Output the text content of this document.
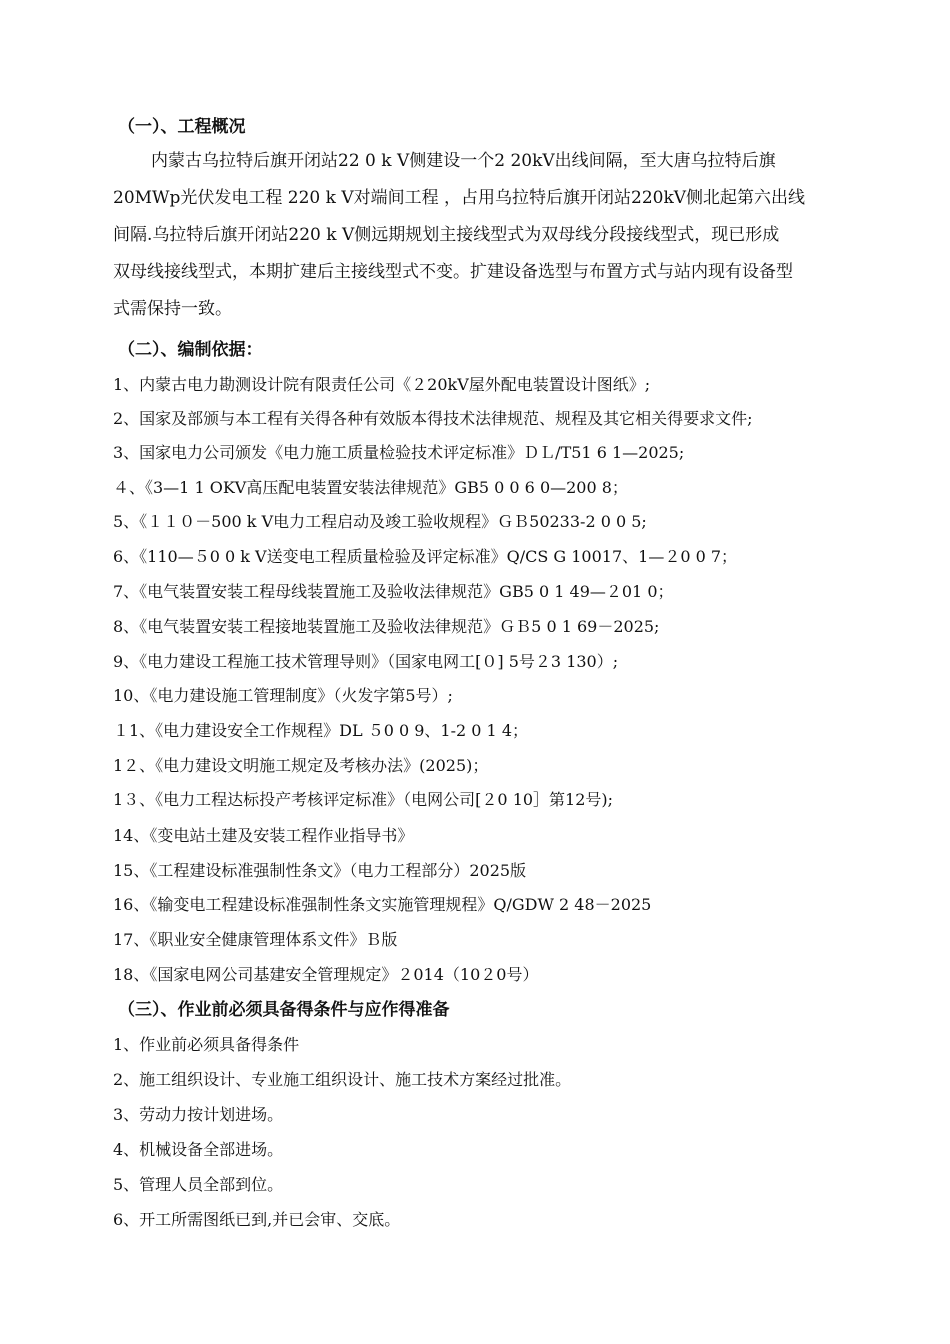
（一）、工程概况
内蒙古乌拉特后旗开闭站22 0 k V侧建设一个2 20kV出线间隔，至大唐乌拉特后旗
20MWp光伏发电工程 220 k V对端间工程 ，占用乌拉特后旗开闭站220kV侧北起第六出线
间隔.乌拉特后旗开闭站220 k V侧远期规划主接线型式为双母线分段接线型式，现已形成
双母线接线型式，本期扩建后主接线型式不变。扩建设备选型与布置方式与站内现有设备型
式需保持一致。
（二）、编制依据：
1、内蒙古电力勘测设计院有限责任公司《２20kV屋外配电装置设计图纸》;
2、国家及部颁与本工程有关得各种有效版本得技术法律规范、规程及其它相关得要求文件;
3、国家电力公司颁发《电力施工质量检验技术评定标准》ＤＬ/T51 6 1—2025;
４、《3—1 1 OKV高压配电装置安装法律规范》GB5 0 0 6 0—200 8；
5、《１１０－500 k V电力工程启动及竣工验收规程》ＧＢ50233-2 0 0 5;
6、《110—５0 0 k V送变电工程质量检验及评定标准》Q/CS G 10017、1—２0 0 7；
7、《电气装置安装工程母线装置施工及验收法律规范》GB5 0 1 49—２01 0；
8、《电气装置安装工程接地装置施工及验收法律规范》ＧＢ5 0 1 69－2025;
9、《电力建设工程施工技术管理导则》（国家电网工[０] 5号２3 130）;
10、《电力建设施工管理制度》（火发字第5号）;
１1、《电力建设安全工作规程》DL ５0 0 9、1-2 0 1 4；
1２、《电力建设文明施工规定及考核办法》(2025)；
1３、《电力工程达标投产考核评定标准》（电网公司[２0 10］第12号);
14、《变电站土建及安装工程作业指导书》
15、《工程建设标准强制性条文》（电力工程部分）2025版
16、《输变电工程建设标准强制性条文实施管理规程》Q/GDW 2 48－2025
17、《职业安全健康管理体系文件》Ｂ版
18、《国家电网公司基建安全管理规定》２014（10２0号）
（三）、作业前必须具备得条件与应作得准备
1、作业前必须具备得条件
2、施工组织设计、专业施工组织设计、施工技术方案经过批准。
3、劳动力按计划进场。
4、机械设备全部进场。
5、管理人员全部到位。
6、开工所需图纸已到,并已会审、交底。
